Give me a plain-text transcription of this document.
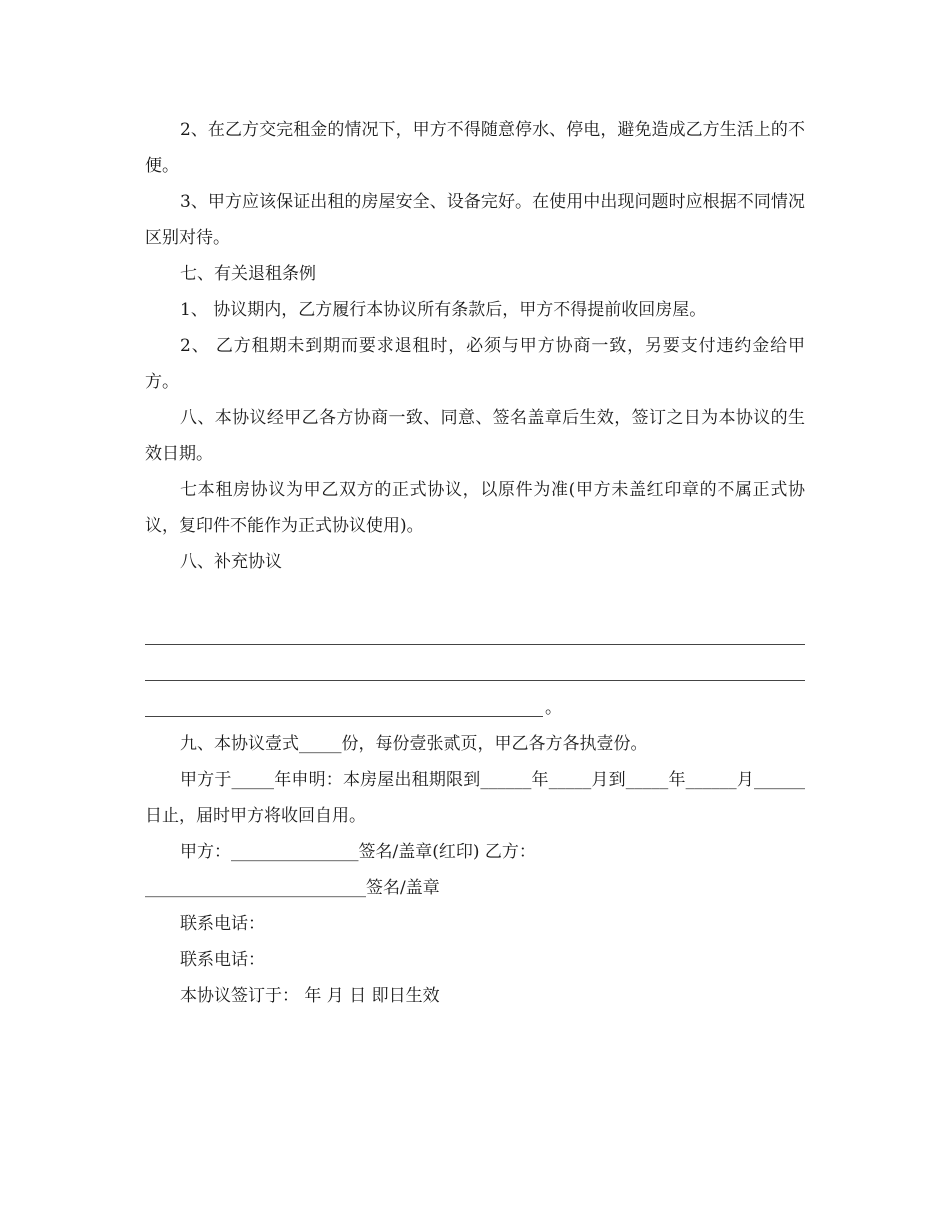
2、在乙方交完租金的情况下，甲方不得随意停水、停电，避免造成乙方生活上的不便。

3、甲方应该保证出租的房屋安全、设备完好。在使用中出现问题时应根据不同情况区别对待。

七、有关退租条例

1、 协议期内，乙方履行本协议所有条款后，甲方不得提前收回房屋。

2、 乙方租期未到期而要求退租时，必须与甲方协商一致，另要支付违约金给甲方。

八、本协议经甲乙各方协商一致、同意、签名盖章后生效，签订之日为本协议的生效日期。

七本租房协议为甲乙双方的正式协议，以原件为准(甲方未盖红印章的不属正式协议，复印件不能作为正式协议使用)。

八、补充协议

。

九、本协议壹式_____份，每份壹张贰页，甲乙各方各执壹份。

甲方于_____年申明：本房屋出租期限到______年_____月到_____年______月______日止，届时甲方将收回自用。

甲方：_______________签名/盖章(红印) 乙方：

__________________________签名/盖章

联系电话：

联系电话：

本协议签订于： 年 月 日 即日生效
